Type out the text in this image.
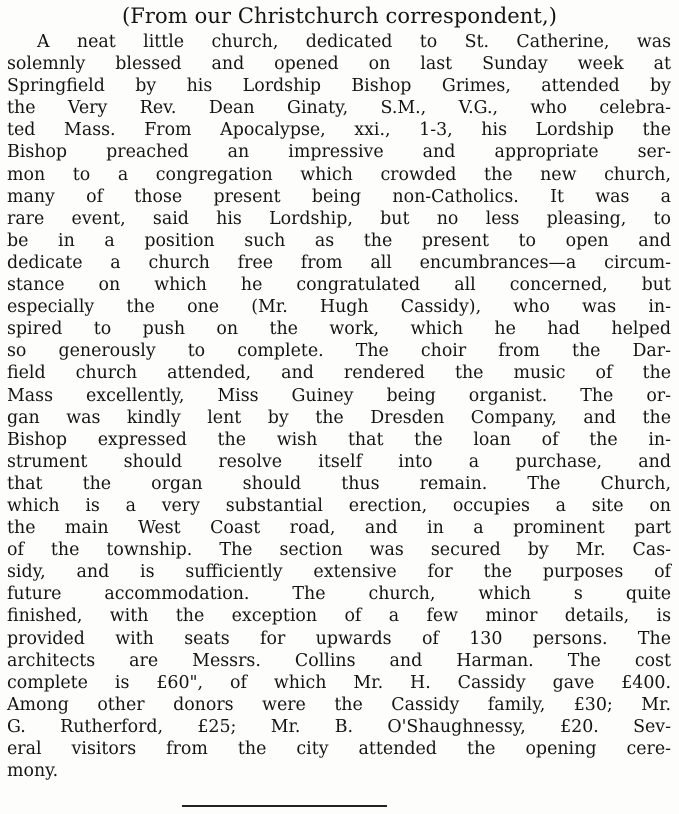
(From our Christchurch correspondent,)
A neat little church, dedicated to St. Catherine, was
solemnly blessed and opened on last Sunday week at
Springfield by his Lordship Bishop Grimes, attended by
the Very Rev. Dean Ginaty, S.M., V.G., who celebra-
ted Mass. From Apocalypse, xxi., 1-3, his Lordship the
Bishop preached an impressive and appropriate ser-
mon to a congregation which crowded the new church,
many of those present being non-Catholics. It was a
rare event, said his Lordship, but no less pleasing, to
be in a position such as the present to open and
dedicate a church free from all encumbrances—a circum-
stance on which he congratulated all concerned, but
especially the one (Mr. Hugh Cassidy), who was in-
spired to push on the work, which he had helped
so generously to complete. The choir from the Dar-
field church attended, and rendered the music of the
Mass excellently, Miss Guiney being organist. The or-
gan was kindly lent by the Dresden Company, and the
Bishop expressed the wish that the loan of the in-
strument should resolve itself into a purchase, and
that the organ should thus remain. The Church,
which is a very substantial erection, occupies a site on
the main West Coast road, and in a prominent part
of the township. The section was secured by Mr. Cas-
sidy, and is sufficiently extensive for the purposes of
future accommodation. The church, which s quite
finished, with the exception of a few minor details, is
provided with seats for upwards of 130 persons. The
architects are Messrs. Collins and Harman. The cost
complete is £60", of which Mr. H. Cassidy gave £400.
Among other donors were the Cassidy family, £30; Mr.
G. Rutherford, £25; Mr. B. O'Shaughnessy, £20. Sev-
eral visitors from the city attended the opening cere-
mony.
